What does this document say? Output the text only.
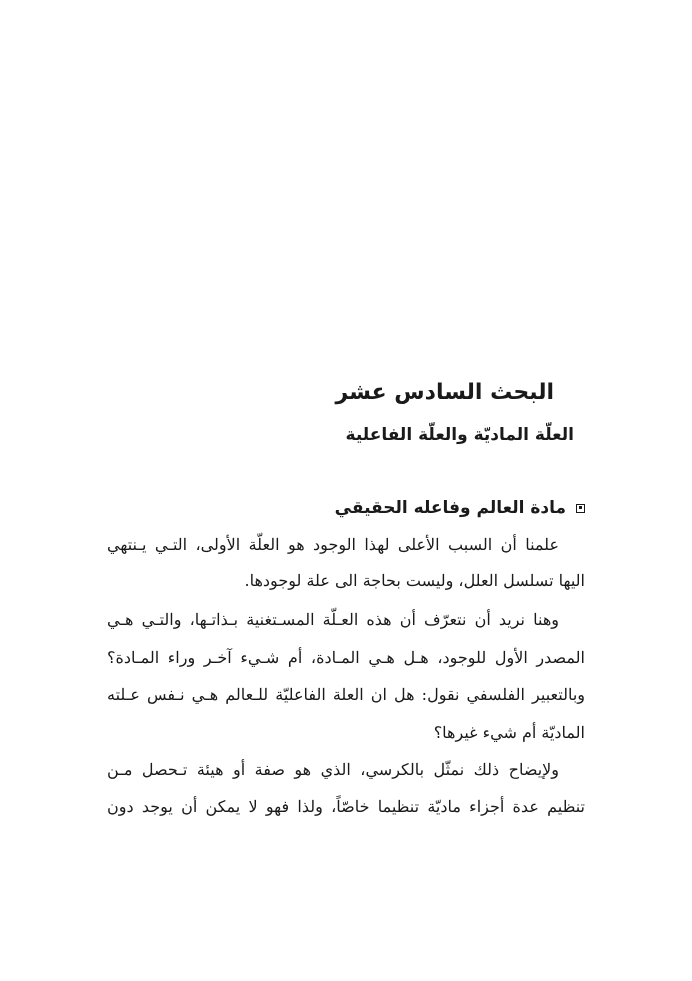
البحث السادس عشر
العلّة الماديّة والعلّة الفاعلية
مادة العالم وفاعله الحقيقي
علمنا أن السبب الأعلى لهذا الوجود هو العلّة الأولى، التـي يـنتهي
اليها تسلسل العلل، وليست بحاجة الى علة لوجودها.
وهنا نريد أن نتعرّف أن هذه العـلّة المسـتغنية بـذاتـها، والتـي هـي
المصدر الأول للوجود، هـل هـي المـادة، أم شـيء آخـر وراء المـادة؟
وبالتعبير الفلسفي نقول: هل ان العلة الفاعليّة للـعالم هـي نـفس عـلته
الماديّة أم شيء غيرها؟
ولإيضاح ذلك نمثّل بالكرسي، الذي هو صفة أو هيئة تـحصل مـن
تنظيم عدة أجزاء ماديّة تنظيما خاصّاً، ولذا فهو لا يمكن أن يوجد دون
